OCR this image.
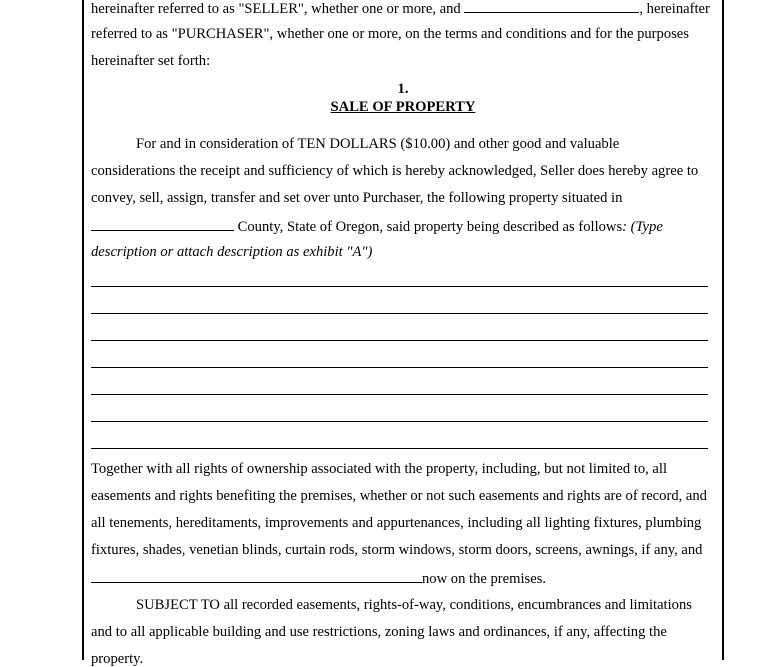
hereinafter referred to as "SELLER", whether one or more, and	, hereinafter
referred to as "PURCHASER", whether one or more, on the terms and conditions and for the purposes
hereinafter set forth:
1.
SALE OF PROPERTY
For and in consideration of TEN DOLLARS ($10.00) and other good and valuable
considerations the receipt and sufficiency of which is hereby acknowledged, Seller does hereby agree to
convey, sell, assign, transfer and set over unto Purchaser, the following property situated in
County, State of Oregon, said property being described as follows: (Type
description or attach description as exhibit "A")
Together with all rights of ownership associated with the property, including, but not limited to, all
easements and rights benefiting the premises, whether or not such easements and rights are of record, and
all tenements, hereditaments, improvements and appurtenances, including all lighting fixtures, plumbing
fixtures, shades, venetian blinds, curtain rods, storm windows, storm doors, screens, awnings, if any, and
now on the premises.
SUBJECT TO all recorded easements, rights-of-way, conditions, encumbrances and limitations
and to all applicable building and use restrictions, zoning laws and ordinances, if any, affecting the
property.
